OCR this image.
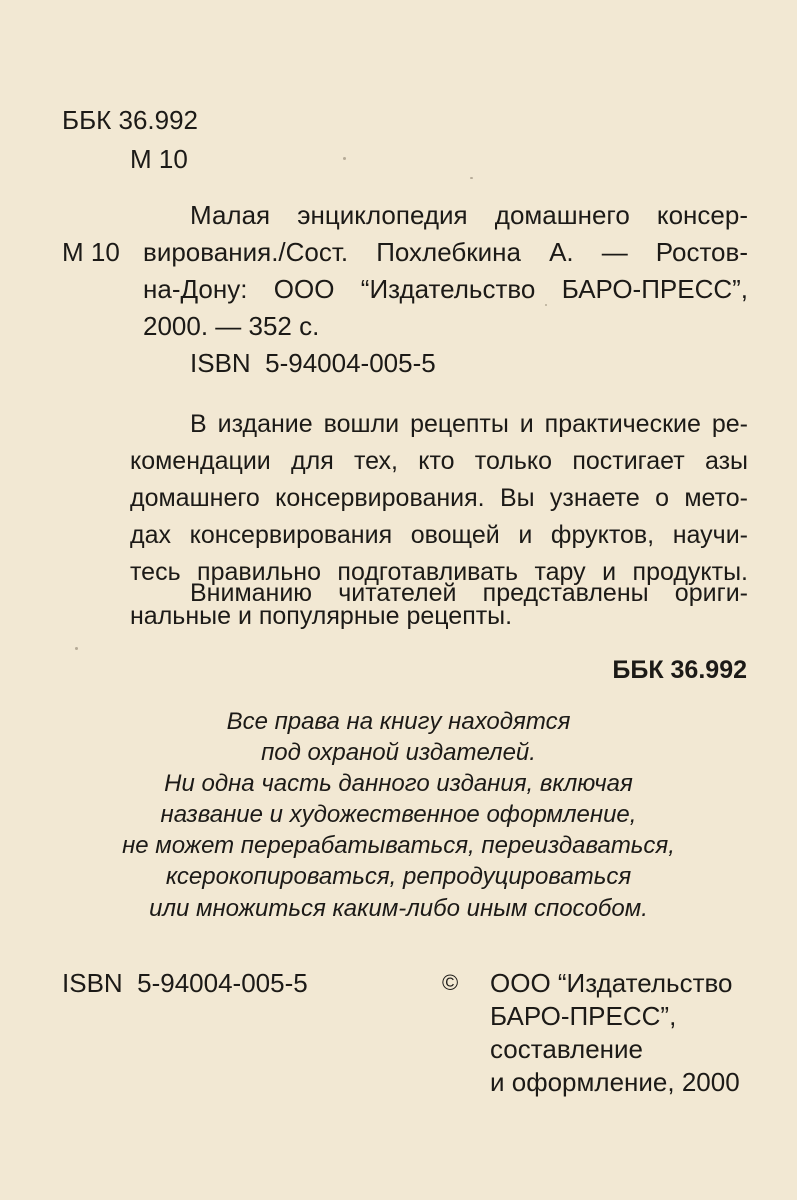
ББК 36.992
М 10
М 10
Малая энциклопедия домашнего консер-
вирования./Сост. Похлебкина А. — Ростов-
на-Дону: ООО “Издательство БАРО-ПРЕСС”,
2000. — 352 с.
ISBN 5-94004-005-5
В издание вошли рецепты и практические ре-
комендации для тех, кто только постигает азы
домашнего консервирования. Вы узнаете о мето-
дах консервирования овощей и фруктов, научи-
тесь правильно подготавливать тару и продукты.
Вниманию читателей представлены ориги-
нальные и популярные рецепты.
ББК 36.992
Все права на книгу находятся
под охраной издателей.
Ни одна часть данного издания, включая
название и художественное оформление,
не может перерабатываться, переиздаваться,
ксерокопироваться, репродуцироваться
или множиться каким-либо иным способом.
ISBN 5-94004-005-5	© ООО “Издательство
БАРО-ПРЕСС”,
составление
и оформление, 2000
